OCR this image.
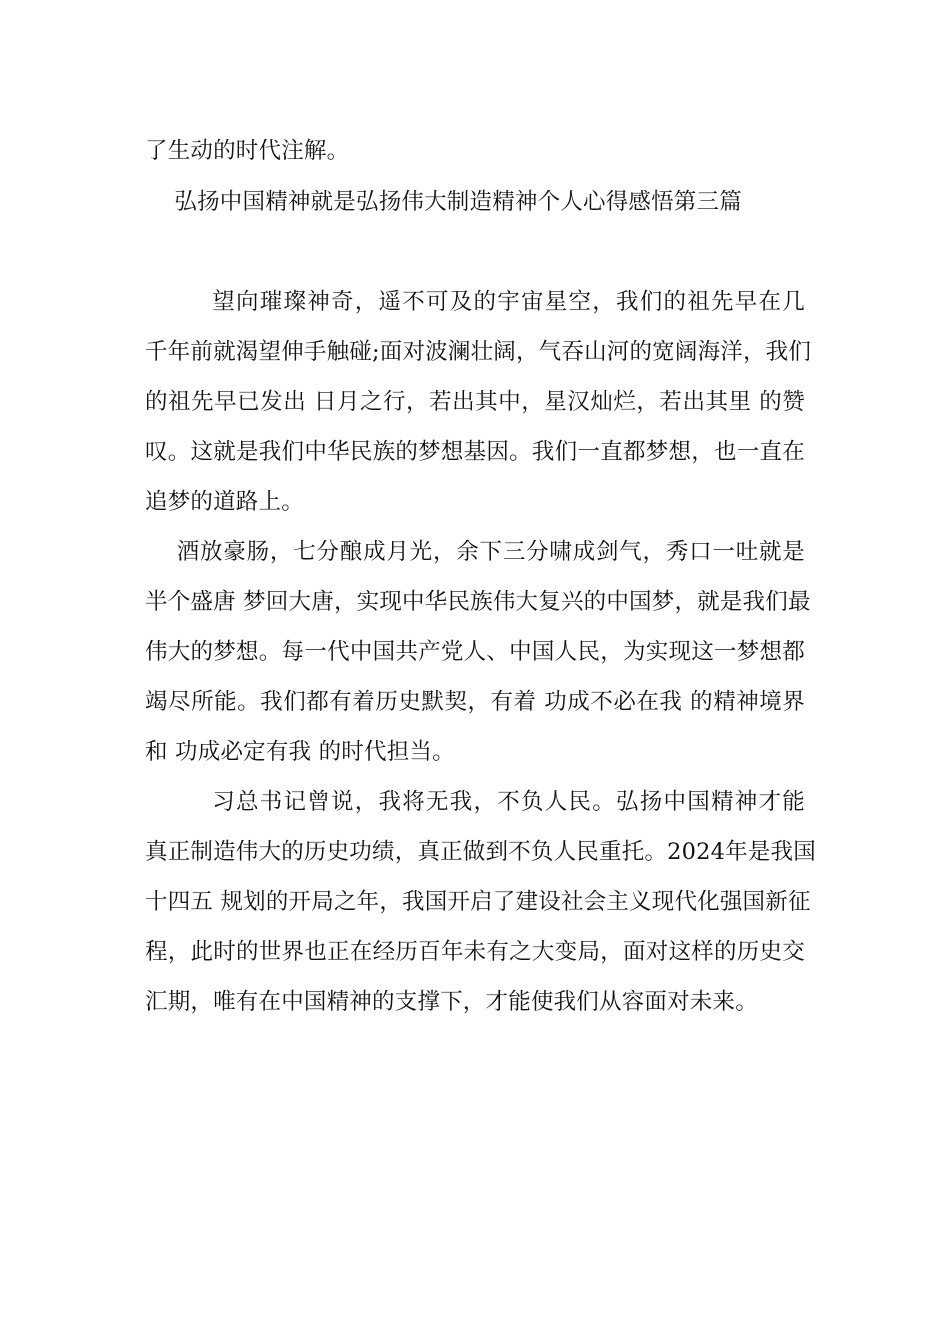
了生动的时代注解。
弘扬中国精神就是弘扬伟大制造精神个人心得感悟第三篇
望向璀璨神奇，遥不可及的宇宙星空，我们的祖先早在几
千年前就渴望伸手触碰;面对波澜壮阔，气吞山河的宽阔海洋，我们
的祖先早已发出 日月之行，若出其中，星汉灿烂，若出其里 的赞
叹。这就是我们中华民族的梦想基因。我们一直都梦想，也一直在
追梦的道路上。
酒放豪肠，七分酿成月光，余下三分啸成剑气，秀口一吐就是
半个盛唐 梦回大唐，实现中华民族伟大复兴的中国梦，就是我们最
伟大的梦想。每一代中国共产党人、中国人民，为实现这一梦想都
竭尽所能。我们都有着历史默契，有着 功成不必在我 的精神境界
和 功成必定有我 的时代担当。
习总书记曾说，我将无我，不负人民。弘扬中国精神才能
真正制造伟大的历史功绩，真正做到不负人民重托。2024年是我国
十四五 规划的开局之年，我国开启了建设社会主义现代化强国新征
程，此时的世界也正在经历百年未有之大变局，面对这样的历史交
汇期，唯有在中国精神的支撑下，才能使我们从容面对未来。
